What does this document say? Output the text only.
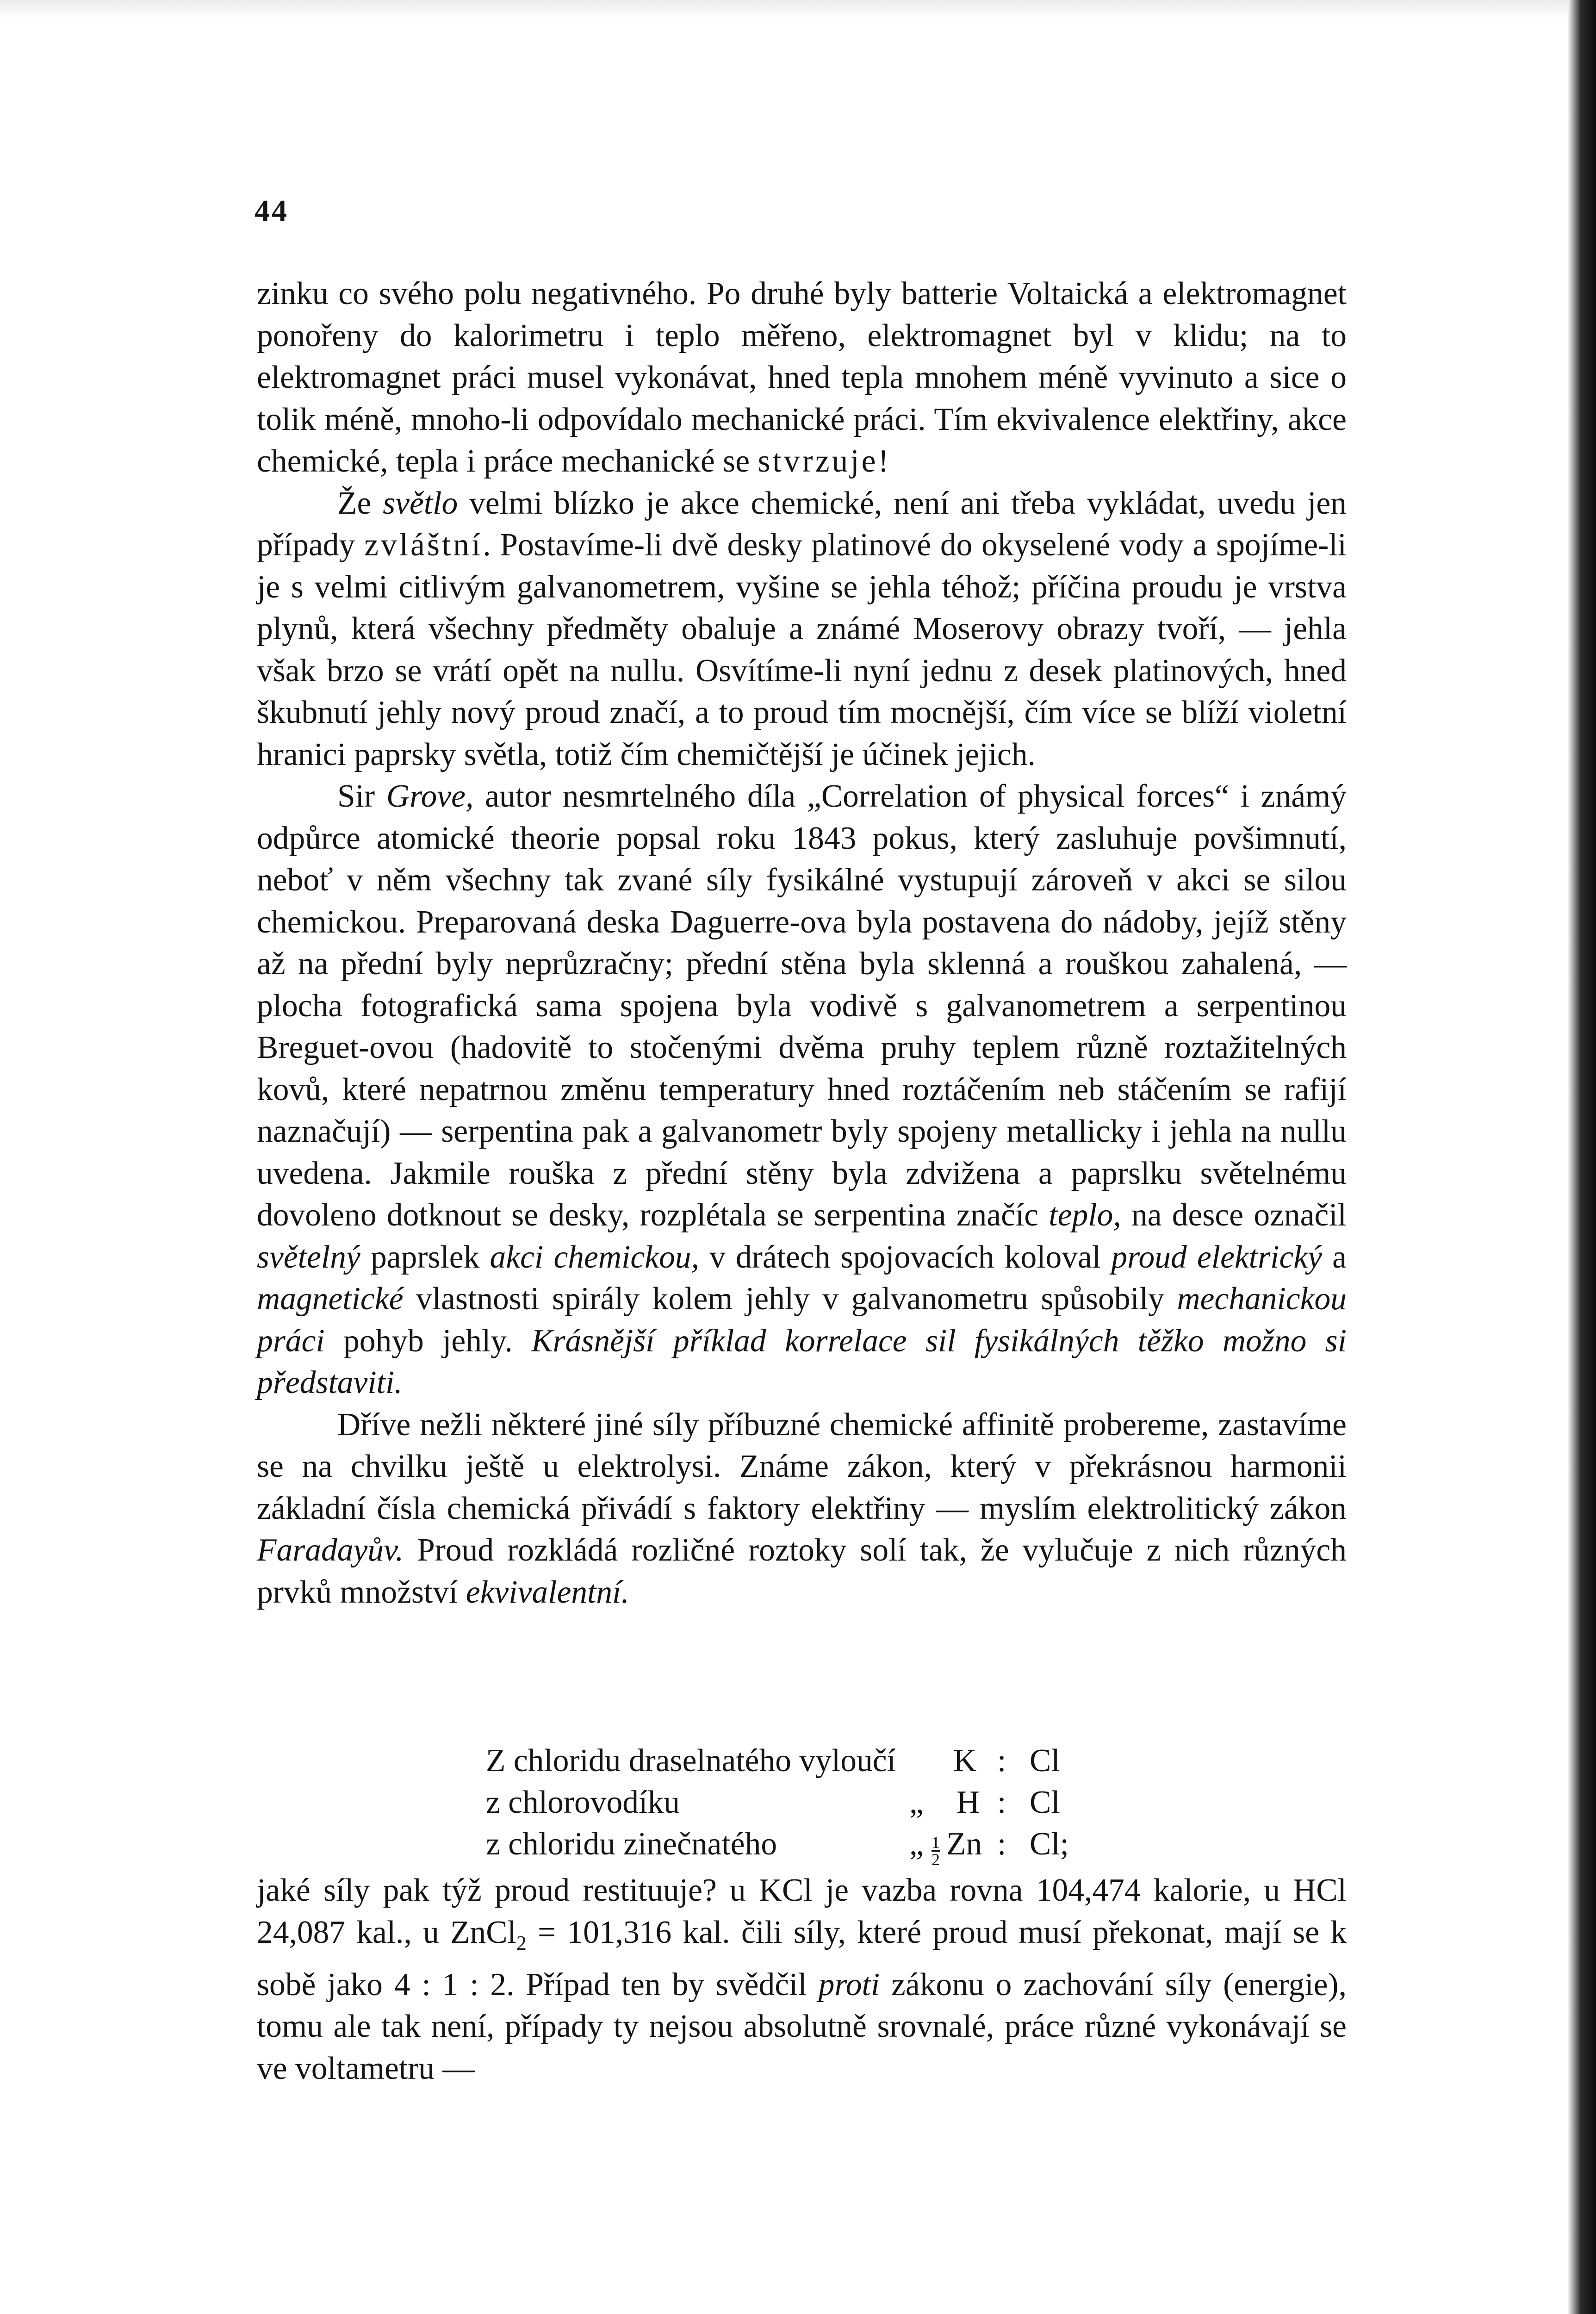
44

zinku co svého polu negativného. Po druhé byly batterie Voltaická a elektromagnet ponořeny do kalorimetru i teplo měřeno, elektromagnet byl v klidu; na to elektromagnet práci musel vykonávat, hned tepla mnohem méně vyvinuto a sice o tolik méně, mnoho-li odpovídalo mechanické práci. Tím ekvivalence elektřiny, akce chemické, tepla i práce mechanické se stvrzuje!

Že světlo velmi blízko je akce chemické, není ani třeba vykládat, uvedu jen případy zvláštní. Postavíme-li dvě desky platinové do okyselené vody a spojíme-li je s velmi citlivým galvanometrem, vyšine se jehla téhož; příčina proudu je vrstva plynů, která všechny předměty obaluje a známé Moserovy obrazy tvoří, — jehla však brzo se vrátí opět na nullu. Osvítíme-li nyní jednu z desek platinových, hned škubnutí jehly nový proud značí, a to proud tím mocnější, čím více se blíží violetní hranici paprsky světla, totiž čím chemičtější je účinek jejich.

Sir Grove, autor nesmrtelného díla „Correlation of physical forces“ i známý odpůrce atomické theorie popsal roku 1843 pokus, který zasluhuje povšimnutí, neboť v něm všechny tak zvané síly fysikálné vystupují zároveň v akci se silou chemickou. Preparovaná deska Daguerre-ova byla postavena do nádoby, jejíž stěny až na přední byly neprůzračny; přední stěna byla sklenná a rouškou zahalená, — plocha fotografická sama spojena byla vodivě s galvanometrem a serpentinou Breguet-ovou (hadovitě to stočenými dvěma pruhy teplem různě roztažitelných kovů, které nepatrnou změnu temperatury hned roztáčením neb stáčením se rafijí naznačují) — serpentina pak a galvanometr byly spojeny metallicky i jehla na nullu uvedena. Jakmile rouška z přední stěny byla zdvižena a paprslku světelnému dovoleno dotknout se desky, rozplétala se serpentina značíc teplo, na desce označil světelný paprslek akci chemickou, v drátech spojovacích koloval proud elektrický a magnetické vlastnosti spirály kolem jehly v galvanometru spůsobily mechanickou práci pohyb jehly. Krásnější příklad korrelace sil fysikálných těžko možno si představiti.

Dříve nežli některé jiné síly příbuzné chemické affinitě probereme, zastavíme se na chvilku ještě u elektrolysi. Známe zákon, který v překrásnou harmonii základní čísla chemická přivádí s faktory elektřiny — myslím elektrolitický zákon Faradayův. Proud rozkládá rozličné roztoky solí tak, že vylučuje z nich různých prvků množství ekvivalentní.

Z chloridu draselnatého vyloučí K : Cl
z chlorovodíku	„ H : Cl
z chloridu zinečnatého	„ $\frac{1}{2}$ Zn : Cl;

jaké síly pak týž proud restituuje? u KCl je vazba rovna 104,474 kalorie, u HCl 24,087 kal., u ZnCl$_2$ = 101,316 kal. čili síly, které proud musí překonat, mají se k sobě jako 4 : 1 : 2. Případ ten by svědčil proti zákonu o zachování síly (energie), tomu ale tak není, případy ty nejsou absolutně srovnalé, práce různé vykonávají se ve voltametru —
